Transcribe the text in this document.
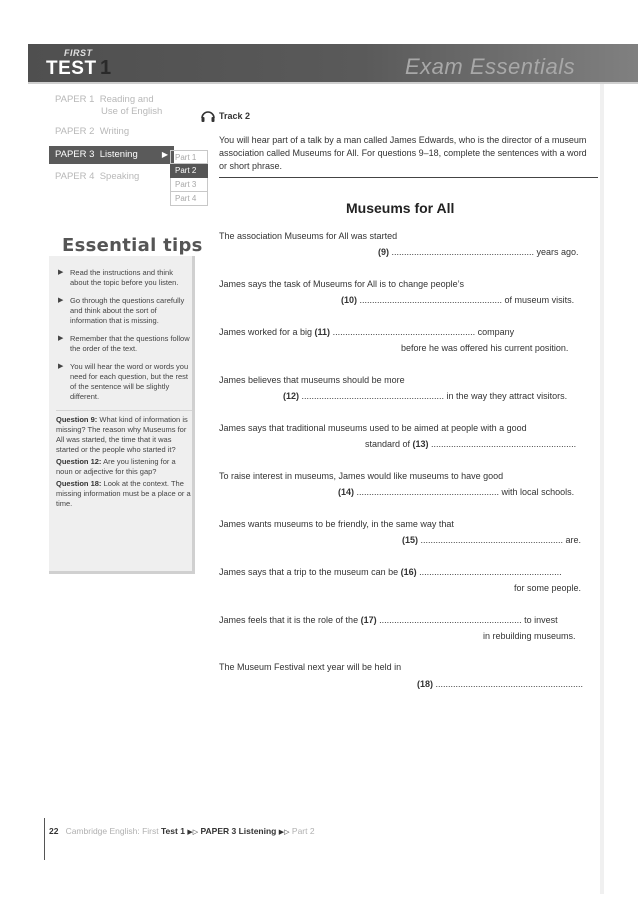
FIRST
TEST 1	Exam Essentials
PAPER 1 Reading and
Use of English
PAPER 2 Writing
PAPER 3 Listening	▶
PAPER 4 Speaking
Part 1
Part 2
Part 3
Part 4
Track 2
You will hear part of a talk by a man called James Edwards, who is the director of a museum association called Museums for All. For questions 9–18, complete the sentences with a word or short phrase.
Museums for All
The association Museums for All was started
(9) ......................................................... years ago.
James says the task of Museums for All is to change people’s
(10) ......................................................... of museum visits.
James worked for a big (11) ......................................................... company
before he was offered his current position.
James believes that museums should be more
(12) ......................................................... in the way they attract visitors.
James says that traditional museums used to be aimed at people with a good
standard of (13) ..........................................................
To raise interest in museums, James would like museums to have good
(14) ......................................................... with local schools.
James wants museums to be friendly, in the same way that
(15) ......................................................... are.
James says that a trip to the museum can be (16) .........................................................
for some people.
James feels that it is the role of the (17) ......................................................... to invest
in rebuilding museums.
The Museum Festival next year will be held in
(18) ...........................................................
Essential tips
▶ Read the instructions and think about the topic before you listen.
▶ Go through the questions carefully and think about the sort of information that is missing.
▶ Remember that the questions follow the order of the text.
▶ You will hear the word or words you need for each question, but the rest of the sentence will be slightly different.
Question 9: What kind of information is missing? The reason why Museums for All was started, the time that it was started or the people who started it?
Question 12: Are you listening for a noun or adjective for this gap?
Question 18: Look at the context. The missing information must be a place or a time.
22 Cambridge English: First Test 1 ▶▷ PAPER 3 Listening ▶▷ Part 2
